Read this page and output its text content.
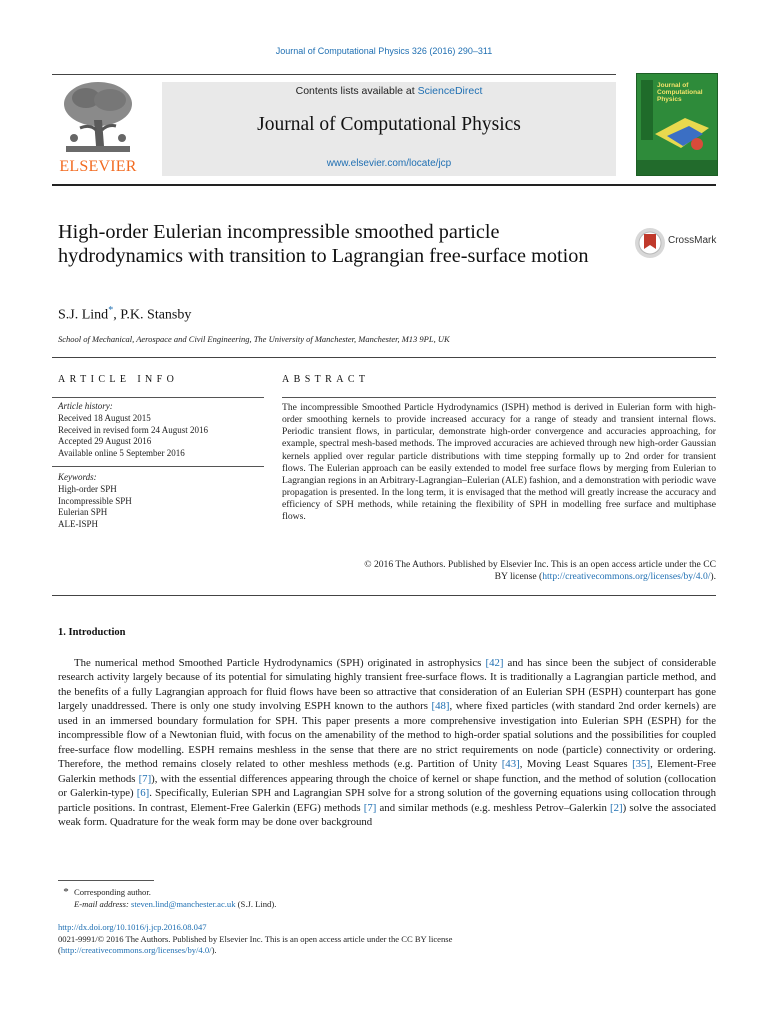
Journal of Computational Physics 326 (2016) 290–311
ELSEVIER
Contents lists available at ScienceDirect
Journal of Computational Physics
www.elsevier.com/locate/jcp
Journal of Computational Physics
High-order Eulerian incompressible smoothed particle hydrodynamics with transition to Lagrangian free-surface motion
CrossMark
S.J. Lind*, P.K. Stansby
School of Mechanical, Aerospace and Civil Engineering, The University of Manchester, Manchester, M13 9PL, UK
ARTICLE INFO	ABSTRACT
Article history:
Received 18 August 2015
Received in revised form 24 August 2016
Accepted 29 August 2016
Available online 5 September 2016
Keywords:
High-order SPH
Incompressible SPH
Eulerian SPH
ALE-ISPH
The incompressible Smoothed Particle Hydrodynamics (ISPH) method is derived in Eulerian form with high-order smoothing kernels to provide increased accuracy for a range of steady and transient internal flows. Periodic transient flows, in particular, demonstrate high-order convergence and accuracies approaching, for example, spectral mesh-based methods. The improved accuracies are achieved through new high-order Gaussian kernels applied over regular particle distributions with time stepping formally up to 2nd order for transient flows. The Eulerian approach can be easily extended to model free surface flows by merging from Eulerian to Lagrangian regions in an Arbitrary-Lagrangian–Eulerian (ALE) fashion, and a demonstration with periodic wave propagation is presented. In the long term, it is envisaged that the method will greatly increase the accuracy and efficiency of SPH methods, while retaining the flexibility of SPH in modelling free surface and multiphase flows.
© 2016 The Authors. Published by Elsevier Inc. This is an open access article under the CC
BY license (http://creativecommons.org/licenses/by/4.0/).
1. Introduction

The numerical method Smoothed Particle Hydrodynamics (SPH) originated in astrophysics [42] and has since been the subject of considerable research activity largely because of its potential for simulating highly transient free-surface flows. It is traditionally a Lagrangian particle method, and the benefits of a fully Lagrangian approach for fluid flows have been so attractive that consideration of an Eulerian SPH (ESPH) counterpart has gone largely unaddressed. There is only one study involving ESPH known to the authors [48], where fixed particles (with standard 2nd order kernels) are used in an immersed boundary formulation for SPH. This paper presents a more comprehensive investigation into Eulerian SPH (ESPH) for the incompressible flow of a Newtonian fluid, with focus on the amenability of the method to high-order spatial solutions and the possibilities for coupled free-surface flow modelling. ESPH remains meshless in the sense that there are no strict requirements on node (particle) connectivity or ordering. Therefore, the method remains closely related to other meshless methods (e.g. Partition of Unity [43], Moving Least Squares [35], Element-Free Galerkin methods [7]), with the essential differences appearing through the choice of kernel or shape function, and the method of solution (collocation or Galerkin-type) [6]. Specifically, Eulerian SPH and Lagrangian SPH solve for a strong solution of the governing equations using collocation through particle positions. In contrast, Element-Free Galerkin (EFG) methods [7] and similar methods (e.g. meshless Petrov–Galerkin [2]) solve the associated weak form. Quadrature for the weak form may be done over background

* Corresponding author.
E-mail address: steven.lind@manchester.ac.uk (S.J. Lind).
http://dx.doi.org/10.1016/j.jcp.2016.08.047
0021-9991/© 2016 The Authors. Published by Elsevier Inc. This is an open access article under the CC BY license
(http://creativecommons.org/licenses/by/4.0/).
